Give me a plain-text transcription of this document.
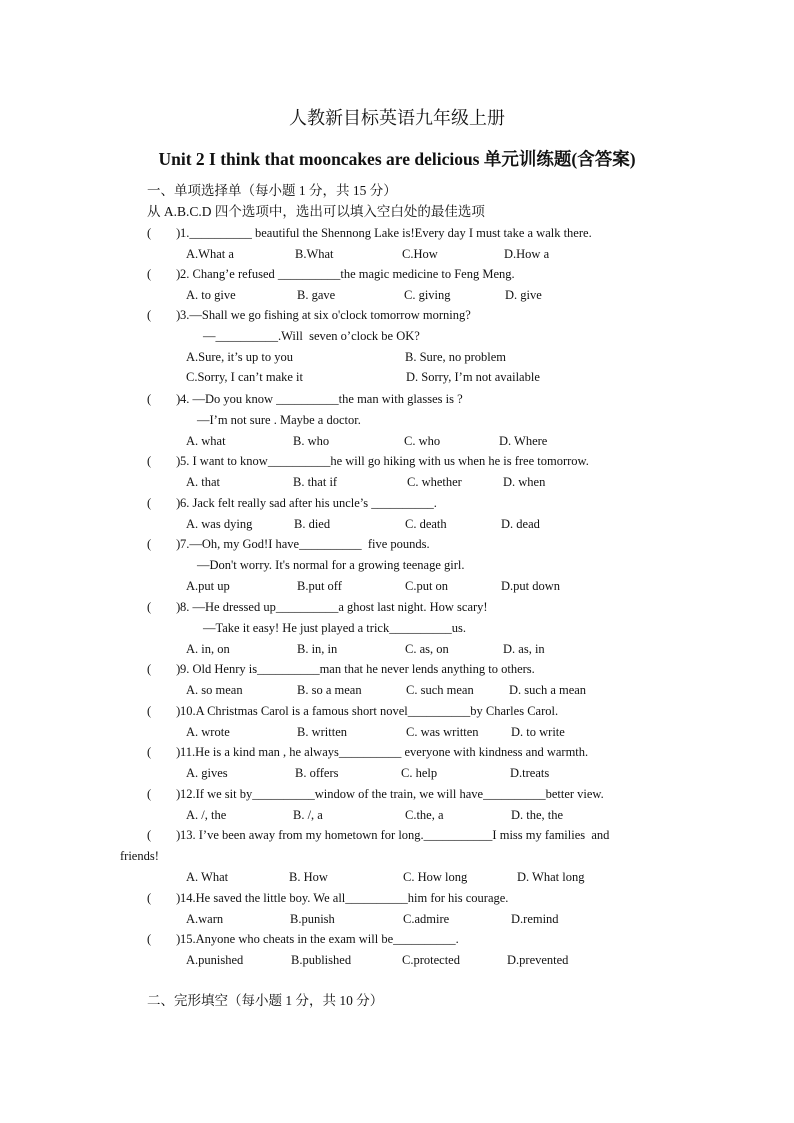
人教新目标英语九年级上册
Unit 2 I think that mooncakes are delicious 单元训练题(含答案)
一、单项选择单（每小题 1 分，共 15 分）
从 A.B.C.D 四个选项中，选出可以填入空白处的最佳选项
(        ) 1.__________ beautiful the Shennong Lake is!Every day I must take a walk there.
A.What a	B.What	C.How	D.How a
(        ) 2. Chang’e refused __________the magic medicine to Feng Meng.
A. to give	B. gave	C. giving	D. give
(        ) 3.—Shall we go fishing at six o'clock tomorrow morning?
—__________.Will  seven o’clock be OK?
A.Sure, it’s up to you	B. Sure, no problem
C.Sorry, I can’t make it	D. Sorry, I’m not available
(        ) 4. —Do you know __________the man with glasses is ?
—I’m not sure . Maybe a doctor.
A. what	B. who	C. who	D. Where
(        ) 5. I want to know__________he will go hiking with us when he is free tomorrow.
A. that	B. that if	C. whether	D. when
(        ) 6. Jack felt really sad after his uncle’s __________.
A. was dying	B. died	C. death	D. dead
(        ) 7.—Oh, my God!I have__________  five pounds.
—Don't worry. It's normal for a growing teenage girl.
A.put up	B.put off	C.put on	D.put down
(        ) 8. —He dressed up__________a ghost last night. How scary!
—Take it easy! He just played a trick__________us.
A. in, on	B. in, in	C. as, on	D. as, in
(        ) 9. Old Henry is__________man that he never lends anything to others.
A. so mean	B. so a mean	C. such mean	D. such a mean
(        ) 10.A Christmas Carol is a famous short novel__________by Charles Carol.
A. wrote	B. written	C. was written	D. to write
(        ) 11.He is a kind man , he always__________ everyone with kindness and warmth.
A. gives	B. offers	C. help	D.treats
(        ) 12.If we sit by__________window of the train, we will have__________better view.
A. /, the	B. /, a	C.the, a	D. the, the
(        ) 13. I’ve been away from my hometown for long.___________I miss my families  and
friends!
A. What	B. How	C. How long	D. What long
(        ) 14.He saved the little boy. We all__________him for his courage.
A.warn	B.punish	C.admire	D.remind
(        ) 15.Anyone who cheats in the exam will be__________.
A.punished	B.published	C.protected	D.prevented
二、完形填空（每小题 1 分，共 10 分）
